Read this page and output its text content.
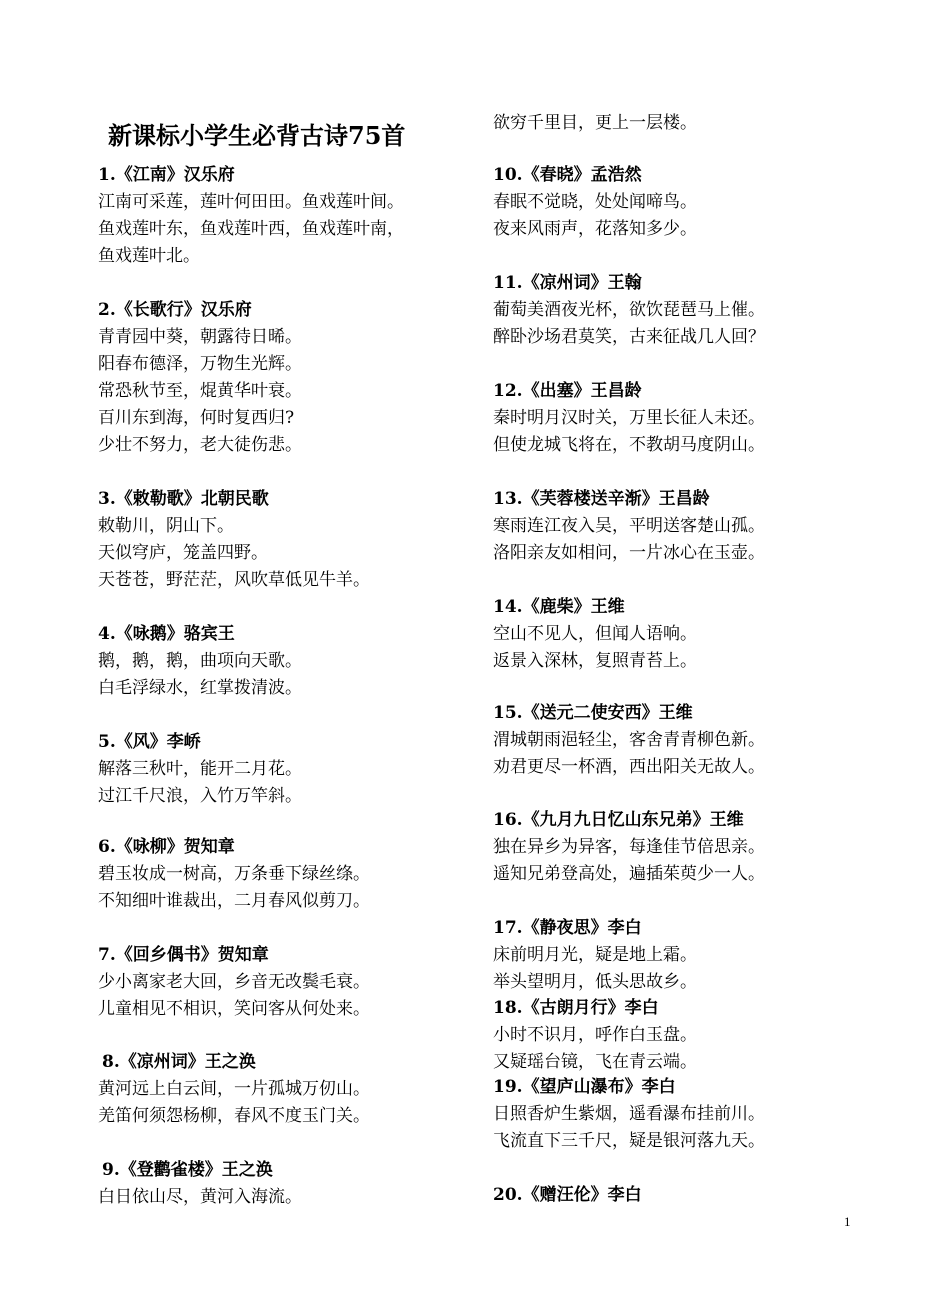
新课标小学生必背古诗75首
1.《江南》汉乐府
江南可采莲，莲叶何田田。鱼戏莲叶间。
鱼戏莲叶东，鱼戏莲叶西，鱼戏莲叶南，
鱼戏莲叶北。
2.《长歌行》汉乐府
青青园中葵，朝露待日晞。
阳春布德泽，万物生光辉。
常恐秋节至，焜黄华叶衰。
百川东到海，何时复西归?
少壮不努力，老大徒伤悲。
3.《敕勒歌》北朝民歌
敕勒川，阴山下。
天似穹庐，笼盖四野。
天苍苍，野茫茫，风吹草低见牛羊。
4.《咏鹅》骆宾王
鹅，鹅，鹅，曲项向天歌。
白毛浮绿水，红掌拨清波。
5.《风》李峤
解落三秋叶，能开二月花。
过江千尺浪，入竹万竿斜。
6.《咏柳》贺知章
碧玉妆成一树高，万条垂下绿丝绦。
不知细叶谁裁出，二月春风似剪刀。
7.《回乡偶书》贺知章
少小离家老大回，乡音无改鬓毛衰。
儿童相见不相识，笑问客从何处来。
8.《凉州词》王之涣
黄河远上白云间，一片孤城万仞山。
羌笛何须怨杨柳，春风不度玉门关。
9.《登鹳雀楼》王之涣
白日依山尽，黄河入海流。
欲穷千里目，更上一层楼。
10.《春晓》孟浩然
春眠不觉晓，处处闻啼鸟。
夜来风雨声，花落知多少。
11.《凉州词》王翰
葡萄美酒夜光杯，欲饮琵琶马上催。
醉卧沙场君莫笑，古来征战几人回？
12.《出塞》王昌龄
秦时明月汉时关，万里长征人未还。
但使龙城飞将在，不教胡马度阴山。
13.《芙蓉楼送辛渐》王昌龄
寒雨连江夜入吴，平明送客楚山孤。
洛阳亲友如相问，一片冰心在玉壶。
14.《鹿柴》王维
空山不见人，但闻人语响。
返景入深林，复照青苔上。
15.《送元二使安西》王维
渭城朝雨浥轻尘，客舍青青柳色新。
劝君更尽一杯酒，西出阳关无故人。
16.《九月九日忆山东兄弟》王维
独在异乡为异客，每逢佳节倍思亲。
遥知兄弟登高处，遍插茱萸少一人。
17.《静夜思》李白
床前明月光，疑是地上霜。
举头望明月，低头思故乡。
18.《古朗月行》李白
小时不识月，呼作白玉盘。
又疑瑶台镜，飞在青云端。
19.《望庐山瀑布》李白
日照香炉生紫烟，遥看瀑布挂前川。
飞流直下三千尺，疑是银河落九天。
20.《赠汪伦》李白
1
